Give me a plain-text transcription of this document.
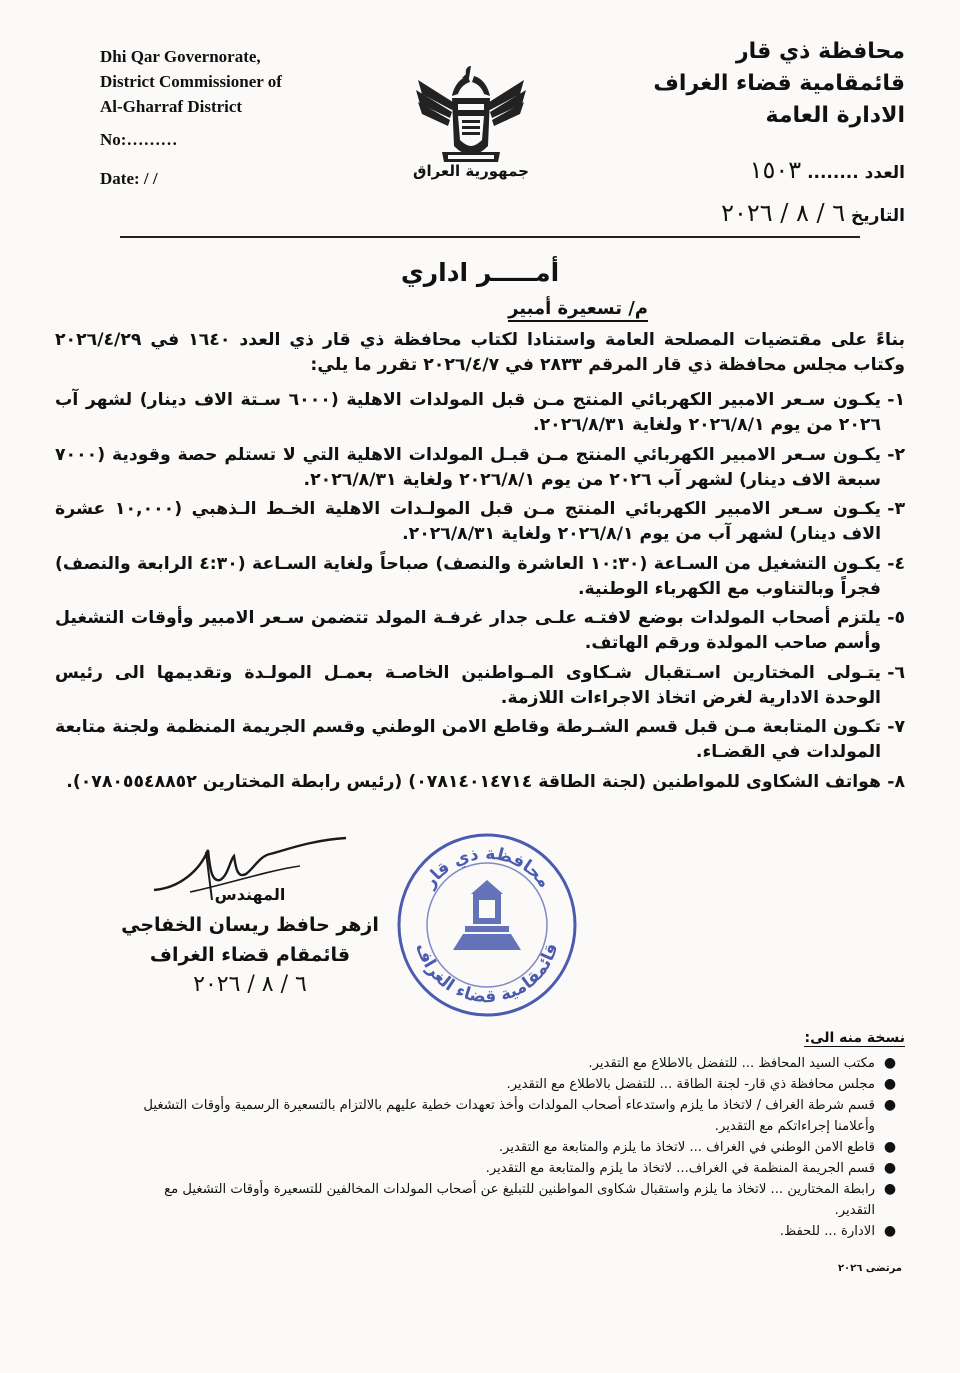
Dhi Qar Governorate,
District Commissioner of
Al-Gharraf District
No:………
Date: / /	جمهورية العراق
محافظة ذي قار
قائمقامية قضاء الغراف
الادارة العامة
العدد ........ ١٥٠٣
التاريخ ٦ / ٨ / ٢٠٢٦
أمـــــر اداري
م/ تسعيرة أمبير

بناءً على مقتضيات المصلحة العامة واستنادا لكتاب محافظة ذي قار ذي العدد ١٦٤٠ في ٢٠٢٦/٤/٢٩ وكتاب مجلس محافظة ذي قار المرقم ٢٨٣٣ في ٢٠٢٦/٤/٧ تقرر ما يلي:

١-
يكـون سـعر الامبير الكهربائي المنتج مـن قبل المولدات الاهلية (٦٠٠٠ سـتة الاف دينار) لشهر آب ٢٠٢٦ من يوم ٢٠٢٦/٨/١ ولغاية ٢٠٢٦/٨/٣١.
٢-
يكـون سـعر الامبير الكهربائي المنتج مـن قبـل المولدات الاهلية التي لا تستلم حصة وقودية (٧٠٠٠ سبعة الاف دينار) لشهر آب ٢٠٢٦ من يوم ٢٠٢٦/٨/١ ولغاية ٢٠٢٦/٨/٣١.
٣-
يكـون سـعر الامبير الكهربائي المنتج مـن قبل المولـدات الاهلية الخـط الـذهبي (١٠,٠٠٠ عشرة الاف دينار) لشهر آب من يوم ٢٠٢٦/٨/١ ولغاية ٢٠٢٦/٨/٣١.
٤-
يكـون التشغيل من السـاعة (١٠:٣٠ العاشرة والنصف) صباحاً ولغاية السـاعة (٤:٣٠ الرابعة والنصف) فجراً وبالتناوب مع الكهرباء الوطنية.
٥-
يلتزم أصحاب المولدات بوضع لافتـه علـى جدار غرفـة المولد تتضمن سـعر الامبير وأوقات التشغيل وأسم صاحب المولدة ورقم الهاتف.
٦-
يتـولى المختارين اسـتقبال شـكاوى المـواطنين الخاصـة بعمـل المولـدة وتقديمها الى رئيس الوحدة الادارية لغرض اتخاذ الاجراءات اللازمة.
٧-
تكـون المتابعة مـن قبل قسم الشـرطة وقاطع الامن الوطني وقسم الجريمة المنظمة ولجنة متابعة المولدات في القضـاء.
٨-
هواتف الشكاوى للمواطنين (لجنة الطاقة ٠٧٨١٤٠١٤٧١٤) (رئيس رابطة المختارين ٠٧٨٠٥٥٤٨٨٥٢).
محافظة ذي قار
قائمقامية قضاء الغراف
المهندس
ازهر حافظ ريسان الخفاجي
قائمقام قضاء الغراف
٦ / ٨ / ٢٠٢٦
نسخة منه الى:
●
مكتب السيد المحافظ ... للتفضل بالاطلاع مع التقدير.
●
مجلس محافظة ذي قار- لجنة الطاقة ... للتفضل بالاطلاع مع التقدير.
●
قسم شرطة الغراف / لاتخاذ ما يلزم واستدعاء أصحاب المولدات وأخذ تعهدات خطية عليهم بالالتزام بالتسعيرة الرسمية وأوقات التشغيل وأعلامنا إجراءاتكم مع التقدير.
●
قاطع الامن الوطني في الغراف ... لاتخاذ ما يلزم والمتابعة مع التقدير.
●
قسم الجريمة المنظمة في الغراف... لاتخاذ ما يلزم والمتابعة مع التقدير.
●
رابطة المختارين ... لاتخاذ ما يلزم واستقبال شكاوى المواطنين للتبليغ عن أصحاب المولدات المخالفين للتسعيرة وأوقات التشغيل مع التقدير.
●
الادارة ... للحفظ.
مرتضى ٢٠٢٦
